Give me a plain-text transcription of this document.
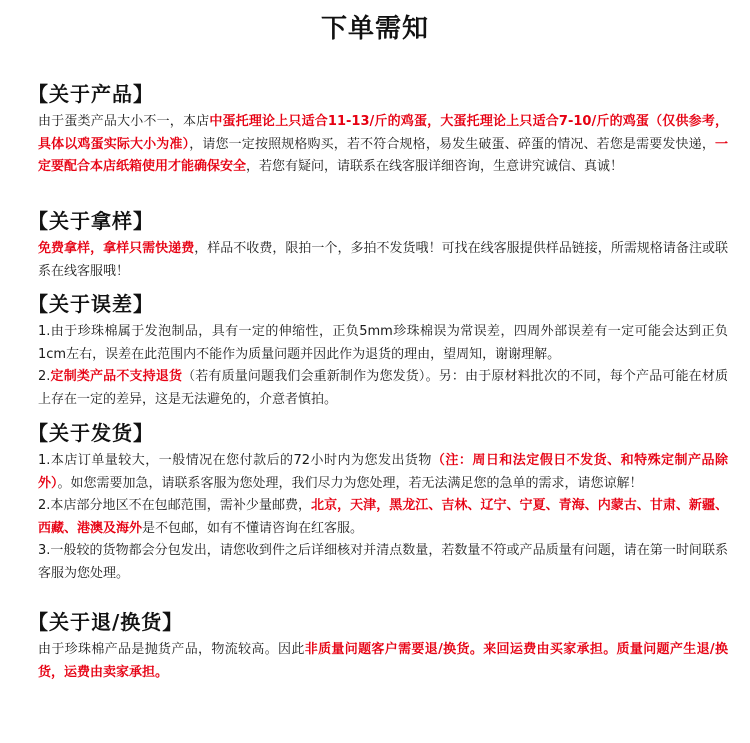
下单需知
【关于产品】
由于蛋类产品大小不一，本店中蛋托理论上只适合11-13/斤的鸡蛋，大蛋托理论上只适合7-10/斤的鸡蛋（仅供参考，具体以鸡蛋实际大小为准），请您一定按照规格购买，若不符合规格，易发生破蛋、碎蛋的情况、若您是需要发快递，一定要配合本店纸箱使用才能确保安全，若您有疑问，请联系在线客服详细咨询，生意讲究诚信、真诚！
【关于拿样】
免费拿样，拿样只需快递费，样品不收费，限拍一个，多拍不发货哦！可找在线客服提供样品链接，所需规格请备注或联系在线客服哦！
【关于误差】
1.由于珍珠棉属于发泡制品，具有一定的伸缩性，正负5mm珍珠棉误为常误差，四周外部误差有一定可能会达到正负1cm左右，误差在此范围内不能作为质量问题并因此作为退货的理由，望周知，谢谢理解。
2.定制类产品不支持退货（若有质量问题我们会重新制作为您发货）。另：由于原材料批次的不同，每个产品可能在材质上存在一定的差异，这是无法避免的，介意者慎拍。
【关于发货】
1.本店订单量较大，一般情况在您付款后的72小时内为您发出货物（注：周日和法定假日不发货、和特殊定制产品除外）。如您需要加急，请联系客服为您处理，我们尽力为您处理，若无法满足您的急单的需求，请您谅解！
2.本店部分地区不在包邮范围，需补少量邮费，北京，天津，黑龙江、吉林、辽宁、宁夏、青海、内蒙古、甘肃、新疆、西藏、港澳及海外是不包邮，如有不懂请咨询在红客服。
3.一般较的货物都会分包发出，请您收到件之后详细核对并清点数量，若数量不符或产品质量有问题，请在第一时间联系客服为您处理。
【关于退/换货】
由于珍珠棉产品是抛货产品，物流较高。因此非质量问题客户需要退/换货。来回运费由买家承担。质量问题产生退/换货，运费由卖家承担。
